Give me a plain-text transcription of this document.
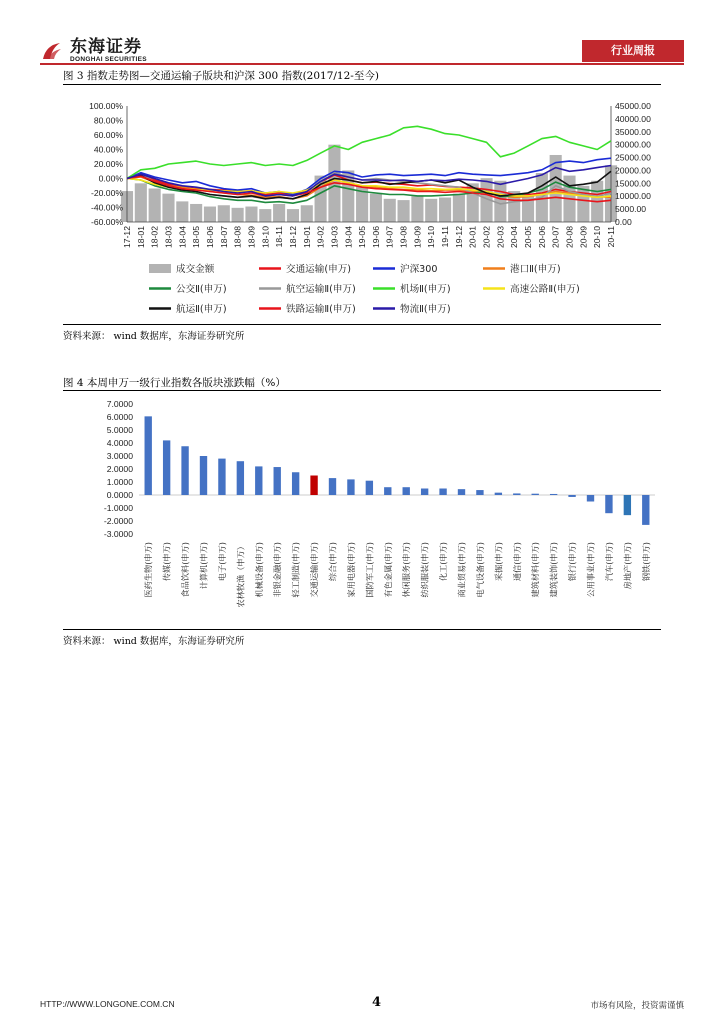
东海证券
DONGHAI SECURITIES
行业周报
图 3 指数走势图—交通运输子版块和沪深 300 指数(2017/12-至今)
100.00%
80.00%
60.00%
40.00%
20.00%
0.00%
-20.00%
-40.00%
-60.00%
45000.00
40000.00
35000.00
30000.00
25000.00
20000.00
15000.00
10000.00
5000.00
0.00
17-12 18-01 18-02 18-03 18-04 18-05 18-06 18-07 18-08 18-09 18-10 18-11 18-12 19-01 19-02 19-03 19-04 19-05 19-06 19-07 19-08 19-09 19-10 19-11 19-12 20-01 20-02 20-03 20-04 20-05 20-06 20-07 20-08 20-09 20-10 20-11
成交金额	交通运输(申万)	沪深300	港口Ⅱ(申万)
公交Ⅱ(申万)	航空运输Ⅱ(申万)	机场Ⅱ(申万)	高速公路Ⅱ(申万)
航运Ⅱ(申万)	铁路运输Ⅱ(申万)	物流Ⅱ(申万)
资料来源： wind 数据库，东海证券研究所
图 4 本周申万一级行业指数各版块涨跌幅（%）
7.0000
6.0000
5.0000
4.0000
3.0000
2.0000
1.0000
0.0000
-1.0000
-2.0000
-3.0000
医药生物(申万) 传媒(申万) 食品饮料(申万) 计算机(申万) 电子(申万) 农林牧渔（申万） 机械设备(申万) 非银金融(申万) 轻工制造(申万) 交通运输(申万) 综合(申万) 家用电器(申万) 国防军工(申万) 有色金属(申万) 休闲服务(申万) 纺织服装(申万) 化工(申万) 商业贸易(申万) 电气设备(申万) 采掘(申万) 通信(申万) 建筑材料(申万) 建筑装饰(申万) 银行(申万) 公用事业(申万) 汽车(申万) 房地产(申万) 钢铁(申万)
资料来源： wind 数据库，东海证券研究所
HTTP://WWW.LONGONE.COM.CN	4	市场有风险，投资需谨慎
